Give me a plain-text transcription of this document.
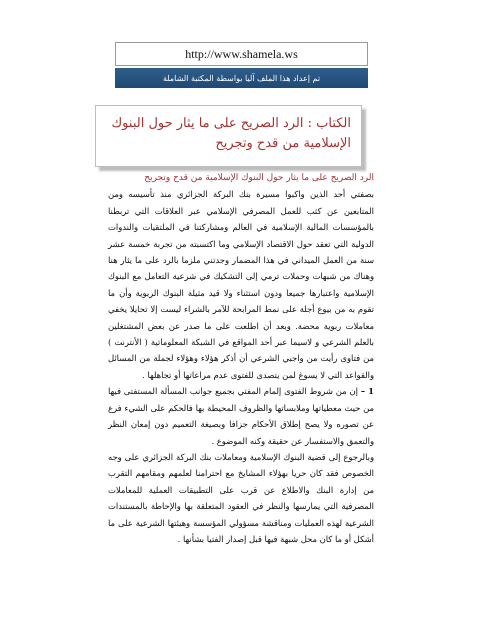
http://www.shamela.ws
تم إعداد هذا الملف آليا بواسطة المكتبة الشاملة
الكتاب : الرد الصريح على ما يثار حول البنوك الإسلامية من قدح وتجريح

الرد الصريح على ما يثار حول البنوك الإسلامية من قدح وتجريح

بصفتي أحد الذين واكبوا مسيرة بنك البركة الجزائري منذ تأسيسه ومن المتابعين عن كثب للعمل المصرفي الإسلامي عبر العلاقات التي تربطنا بالمؤسسات المالية الإسلامية في العالم ومشاركتنا في الملتقيات والندوات الدولية التي تعقد حول الاقتصاد الإسلامي وما اكتسبته من تجربة خمسة عشر سنة من العمل الميداني في هذا المضمار وجدتني ملزما بالرد على ما يثار هنا وهناك من شبهات وحملات ترمي إلى التشكيك في شرعية التعامل مع البنوك الإسلامية واعتبارها جميعا ودون استثناء ولا قيد مثيلة البنوك الربوية وأن ما تقوم به من بيوع أجلة على نمط المرابحة للآمر بالشراء ليست إلا تحايلا يخفي معاملات ربوية محضة. وبعد أن اطلعت على ما صدر عن بعض المشتغلين بالعلم الشرعي و لاسيما عبر أحد المواقع في الشبكة المعلوماتية ( الأنترنت ) من فتاوى رأيت من واجبي الشرعي أن أذكر هؤلاء وهؤلاء لجملة من المسائل والقواعد التي لا يسوغ لمن يتصدى للفتوى عدم مراعاتها أو تجاهلها .

1 – إن من شروط الفتوى إلمام المفتي بجميع جوانب المسألة المستفتى فيها من حيث معطياتها وملابساتها والظروف المحيطة بها فالحكم على الشيء فرع عن تصوره ولا يصح إطلاق الأحكام جزافا وبصيغة التعميم دون إمعان النظر والتعمق والاستفسار عن حقيقة وكنه الموضوع .

وبالرجوع إلى قضية البنوك الإسلامية ومعاملات بنك البركة الجزائري على وجه الخصوص فقد كان حريا بهؤلاء المشايخ مع احترامنا لعلمهم ومقامهم التقرب من إدارة البنك والاطلاع عن قرب على التطبيقات العملية للمعاملات المصرفية التي يمارسها والنظر في العقود المتعلقة بها والإحاطة بالمستندات الشرعية لهذه العمليات ومناقشة مسؤولي المؤسسة وهيئتها الشرعية على ما أشكل أو ما كان محل شبهة فيها قبل إصدار الفتيا بشأنها .
